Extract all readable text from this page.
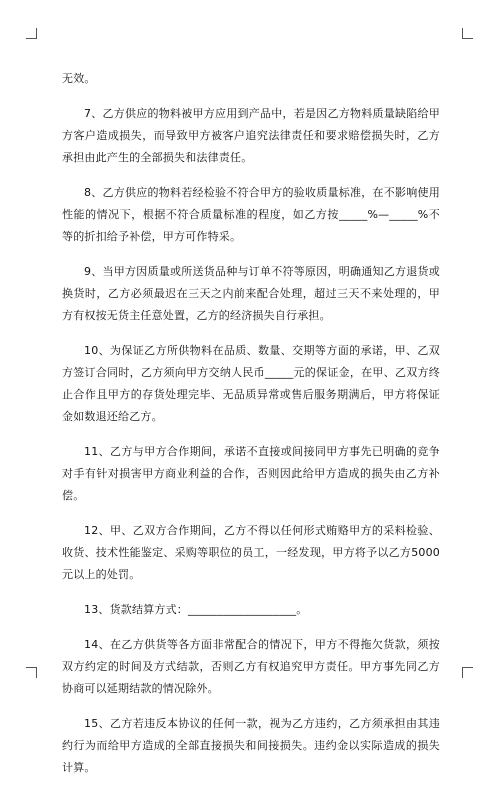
无效。

7、乙方供应的物料被甲方应用到产品中，若是因乙方物料质量缺陷给甲方客户造成损失，而导致甲方被客户追究法律责任和要求赔偿损失时，乙方承担由此产生的全部损失和法律责任。

8、乙方供应的物料若经检验不符合甲方的验收质量标准，在不影响使用性能的情况下，根据不符合质量标准的程度，如乙方按_____%—_____%不等的折扣给予补偿，甲方可作特采。

9、当甲方因质量或所送货品种与订单不符等原因，明确通知乙方退货或换货时，乙方必须最迟在三天之内前来配合处理，超过三天不来处理的，甲方有权按无货主任意处置，乙方的经济损失自行承担。

10、为保证乙方所供物料在品质、数量、交期等方面的承诺，甲、乙双方签订合同时，乙方须向甲方交纳人民币_____元的保证金，在甲、乙双方终止合作且甲方的存货处理完毕、无品质异常或售后服务期满后，甲方将保证金如数退还给乙方。

11、乙方与甲方合作期间，承诺不直接或间接同甲方事先已明确的竞争对手有针对损害甲方商业利益的合作，否则因此给甲方造成的损失由乙方补偿。

12、甲、乙双方合作期间，乙方不得以任何形式贿赂甲方的采料检验、收货、技术性能鉴定、采购等职位的员工，一经发现，甲方将予以乙方5000元以上的处罚。

13、货款结算方式：___________________。

14、在乙方供货等各方面非常配合的情况下，甲方不得拖欠货款，须按双方约定的时间及方式结款，否则乙方有权追究甲方责任。甲方事先同乙方协商可以延期结款的情况除外。

15、乙方若违反本协议的任何一款，视为乙方违约，乙方须承担由其违约行为而给甲方造成的全部直接损失和间接损失。违约金以实际造成的损失计算。
